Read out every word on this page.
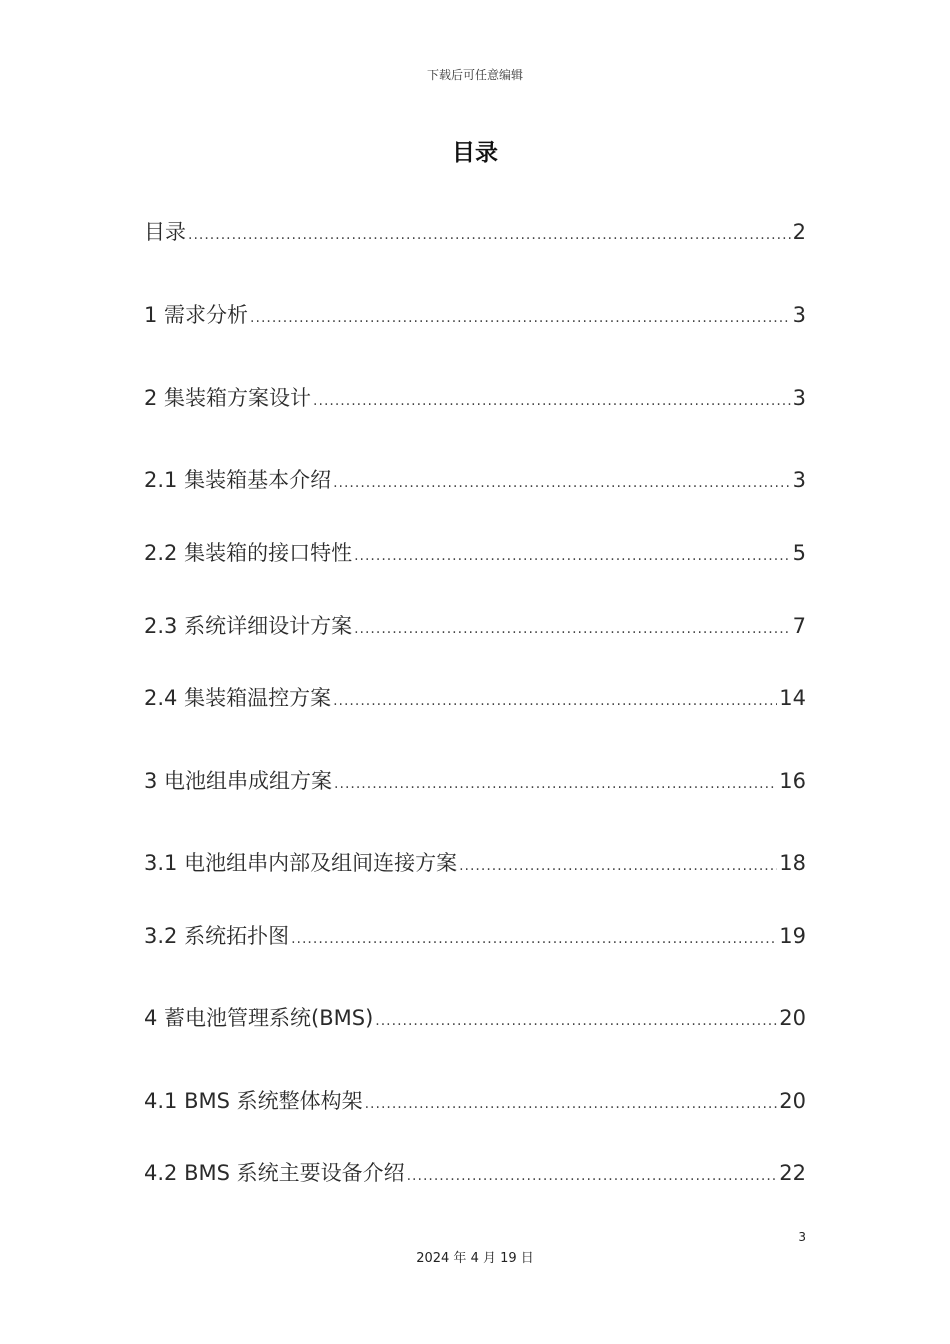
下载后可任意编辑
目录
目录 .....	2
1 需求分析 .....	3
2 集装箱方案设计 .....	3
2.1 集装箱基本介绍 .....	3
2.2 集装箱的接口特性 .....	5
2.3 系统详细设计方案 .....	7
2.4 集装箱温控方案 .....	14
3 电池组串成组方案 .....	16
3.1 电池组串内部及组间连接方案 .....	18
3.2 系统拓扑图 .....	19
4 蓄电池管理系统(BMS) .....	20
4.1 BMS 系统整体构架 .....	20
4.2 BMS 系统主要设备介绍 .....	22
3
2024 年 4 月 19 日
